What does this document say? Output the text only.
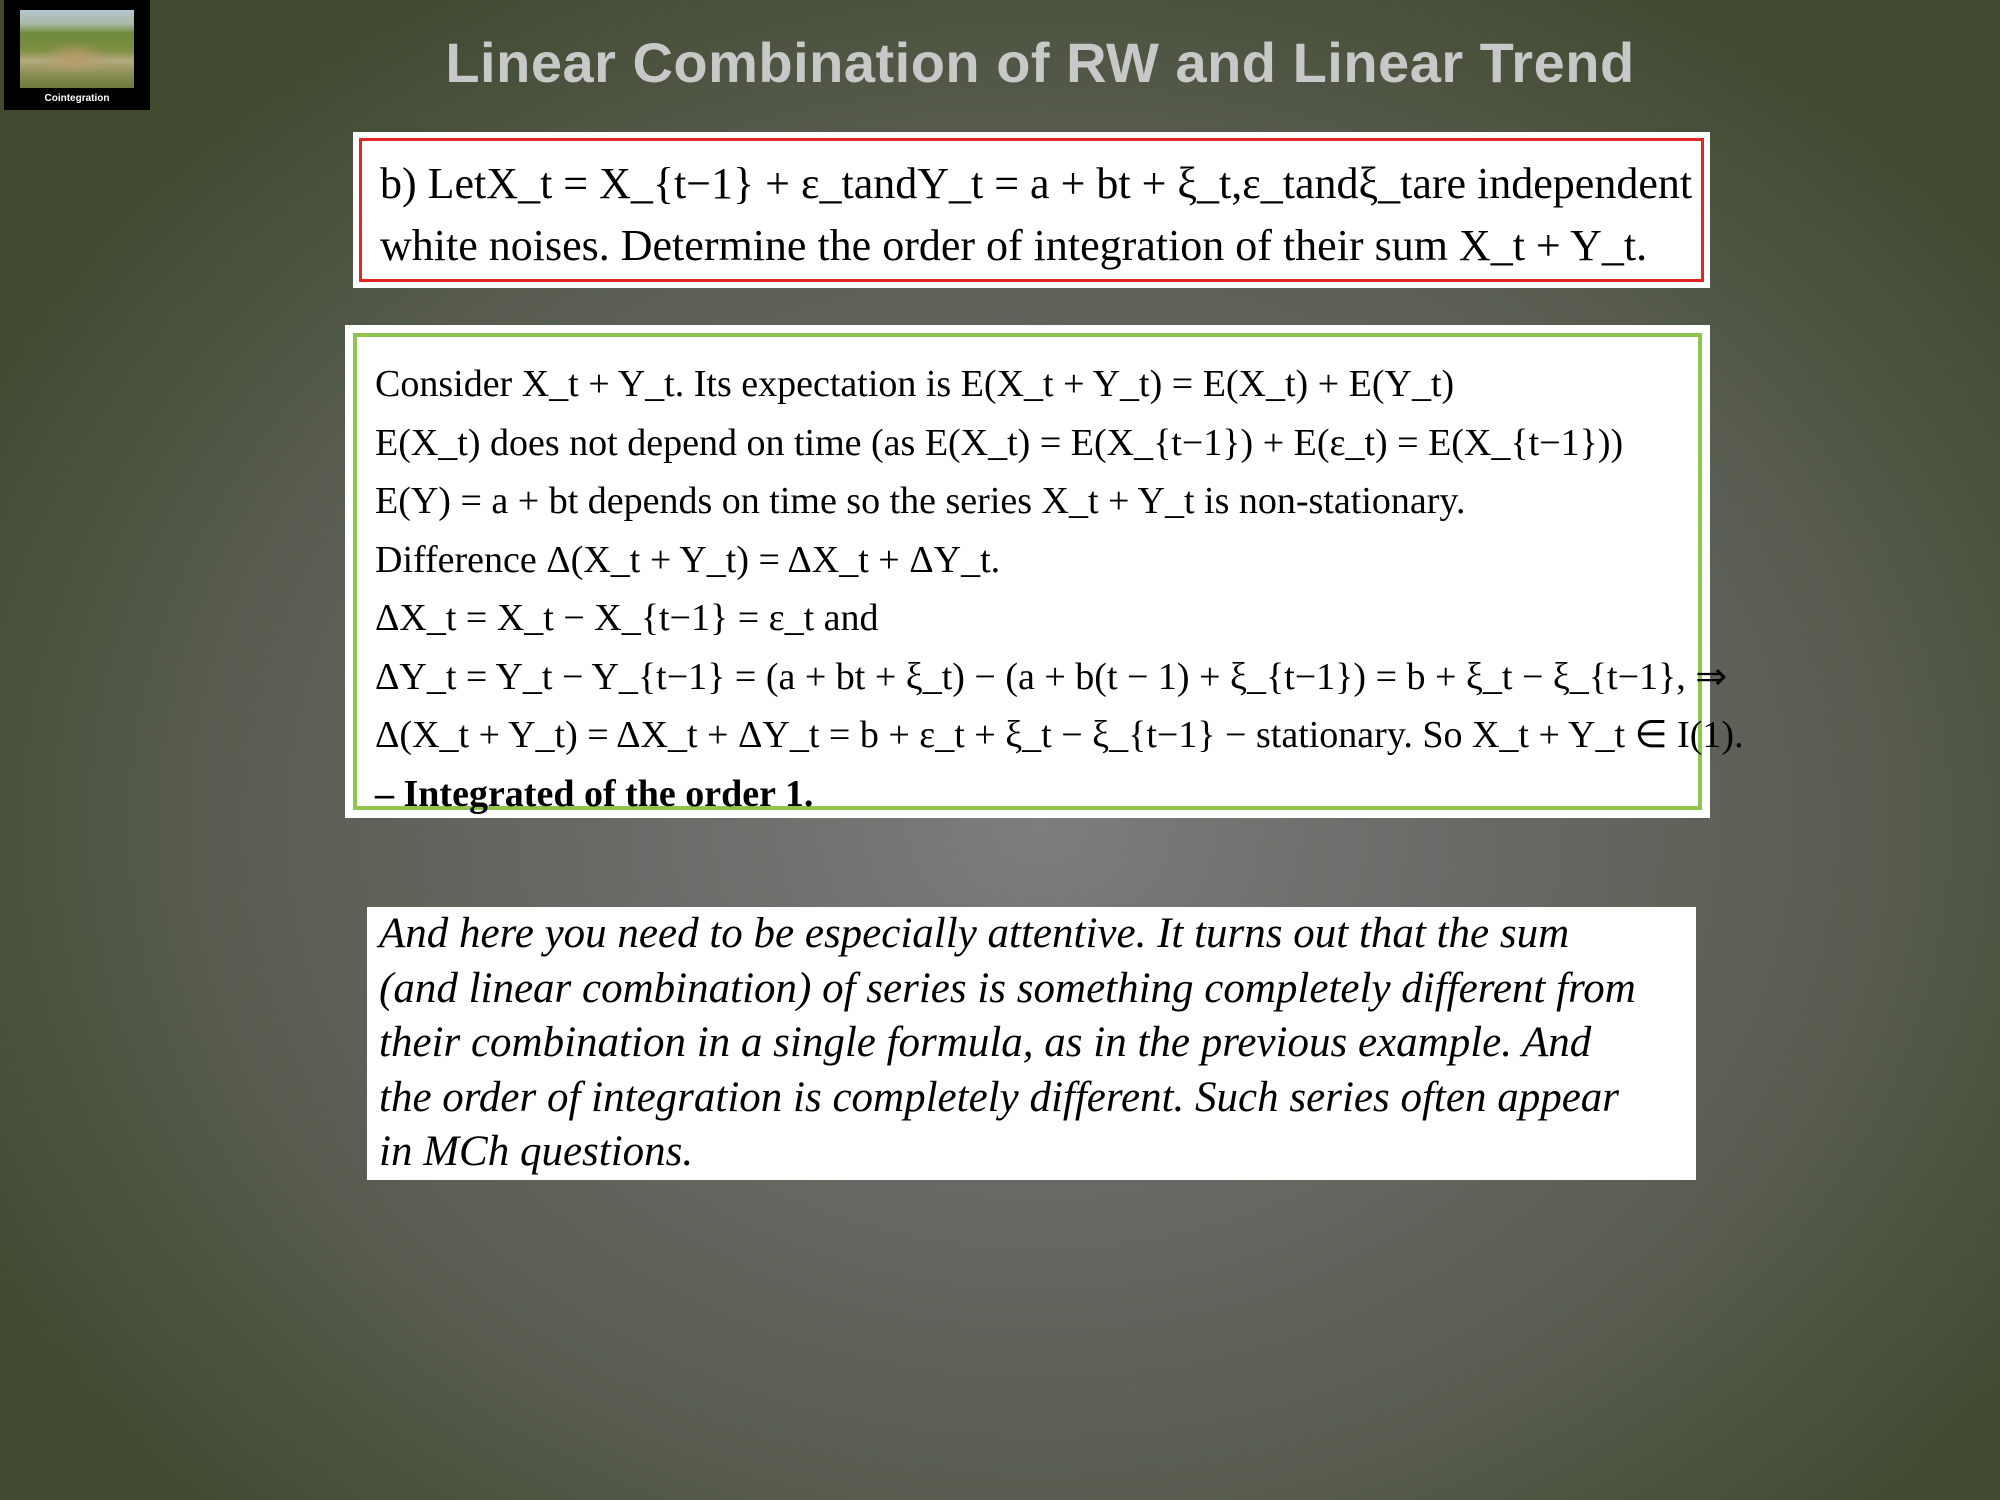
Cointegration
Linear Combination of RW and Linear Trend
b) Let X_t = X_{t−1} + ε_t and Y_t = a + bt + ξ_t, ε_t and ξ_t are independent
white noises. Determine the order of integration of their sum X_t + Y_t.
Consider X_t + Y_t. Its expectation is E(X_t + Y_t) = E(X_t) + E(Y_t)
E(X_t) does not depend on time (as E(X_t) = E(X_{t−1}) + E(ε_t) = E(X_{t−1}))
E(Y) = a + bt depends on time so the series X_t + Y_t is non-stationary.
Difference Δ(X_t + Y_t) = ΔX_t + ΔY_t.
ΔX_t = X_t − X_{t−1} = ε_t and
ΔY_t = Y_t − Y_{t−1} = (a + bt + ξ_t) − (a + b(t − 1) + ξ_{t−1}) = b + ξ_t − ξ_{t−1}, ⇒
Δ(X_t + Y_t) = ΔX_t + ΔY_t = b + ε_t + ξ_t − ξ_{t−1} − stationary. So X_t + Y_t ∈ I(1).
– Integrated of the order 1.
And here you need to be especially attentive. It turns out that the sum (and linear combination) of series is something completely different from their combination in a single formula, as in the previous example. And the order of integration is completely different. Such series often appear in MCh questions.
